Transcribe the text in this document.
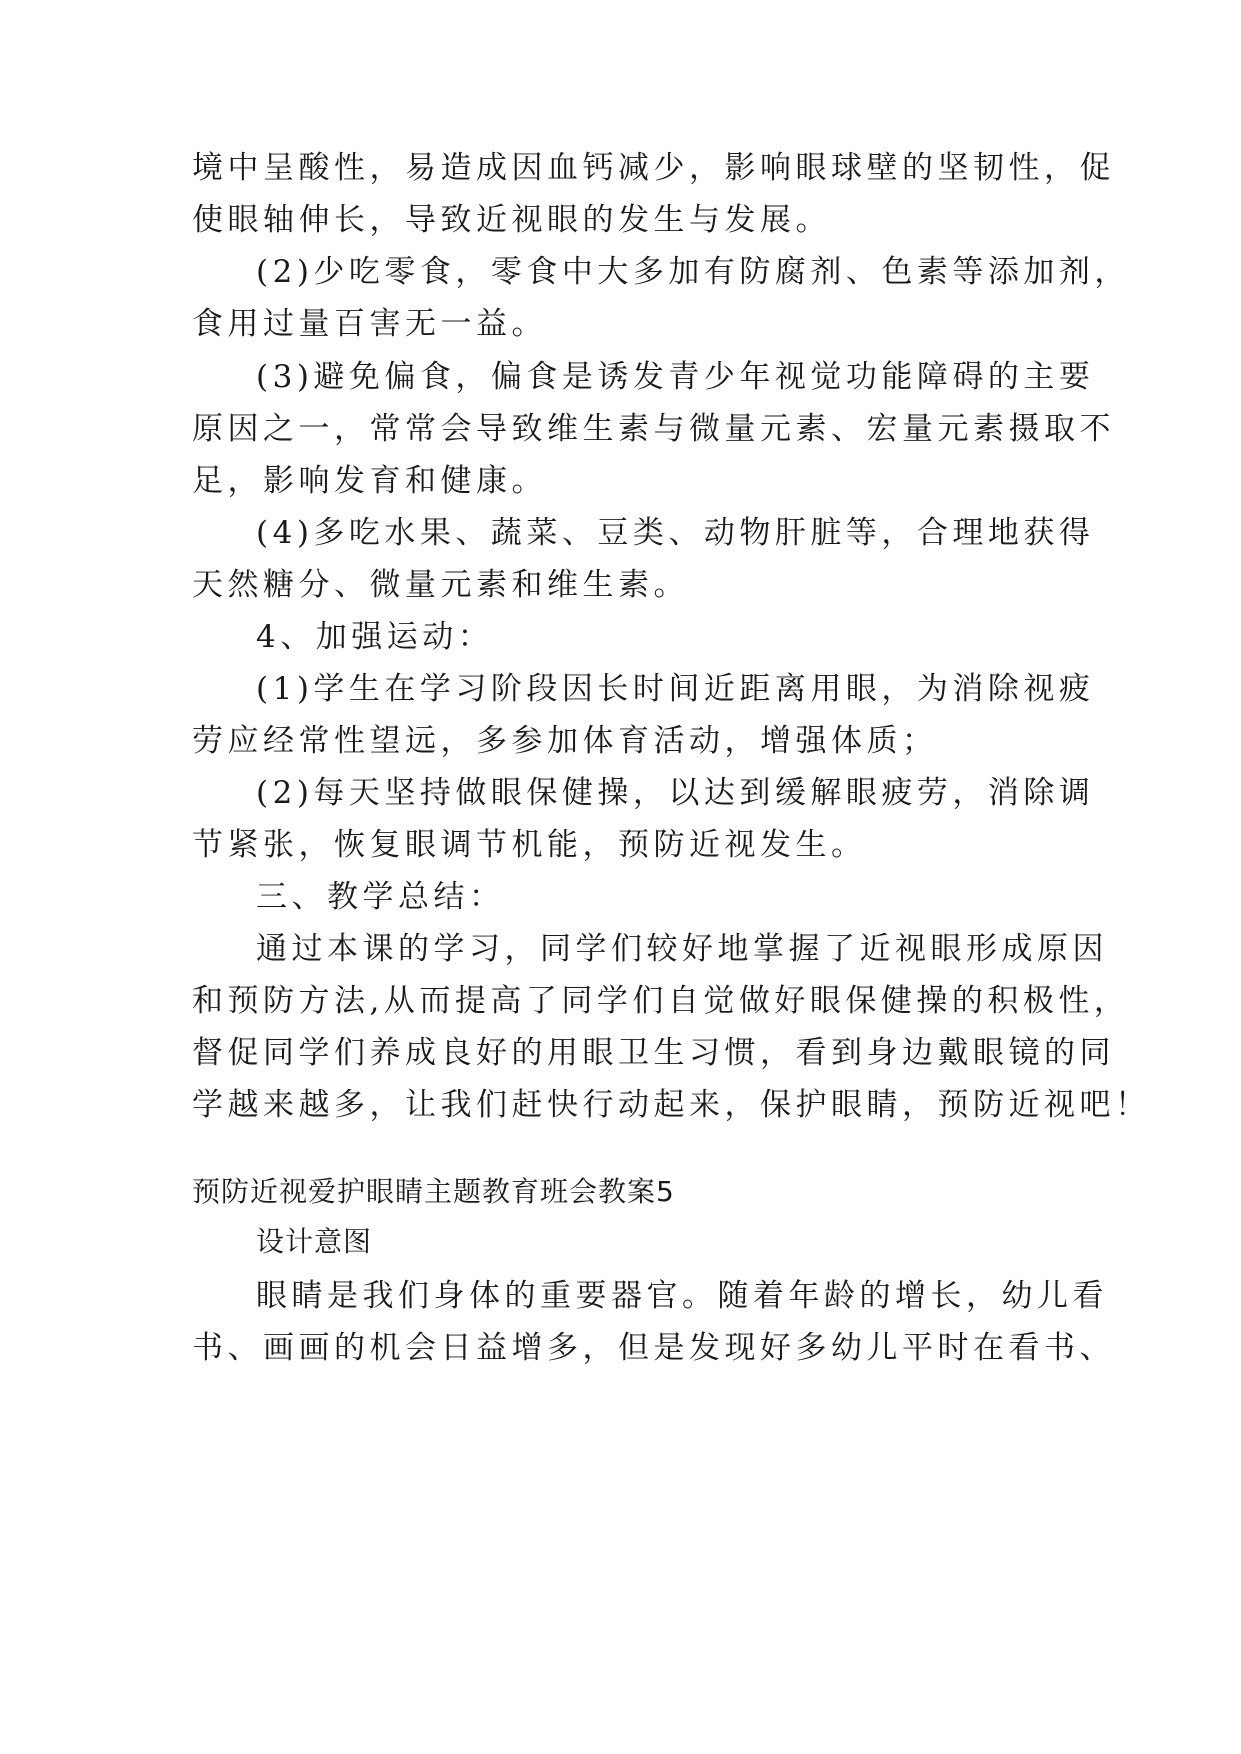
境中呈酸性，易造成因血钙减少，影响眼球壁的坚韧性，促
使眼轴伸长，导致近视眼的发生与发展。
(2)少吃零食，零食中大多加有防腐剂、色素等添加剂，
食用过量百害无一益。
(3)避免偏食，偏食是诱发青少年视觉功能障碍的主要
原因之一，常常会导致维生素与微量元素、宏量元素摄取不
足，影响发育和健康。
(4)多吃水果、蔬菜、豆类、动物肝脏等，合理地获得
天然糖分、微量元素和维生素。
4、加强运动：
(1)学生在学习阶段因长时间近距离用眼，为消除视疲
劳应经常性望远，多参加体育活动，增强体质；
(2)每天坚持做眼保健操，以达到缓解眼疲劳，消除调
节紧张，恢复眼调节机能，预防近视发生。
三、教学总结：
通过本课的学习，同学们较好地掌握了近视眼形成原因
和预防方法,从而提高了同学们自觉做好眼保健操的积极性，
督促同学们养成良好的用眼卫生习惯，看到身边戴眼镜的同
学越来越多，让我们赶快行动起来，保护眼睛，预防近视吧！
预防近视爱护眼睛主题教育班会教案5
设计意图
眼睛是我们身体的重要器官。随着年龄的增长，幼儿看
书、画画的机会日益增多，但是发现好多幼儿平时在看书、
